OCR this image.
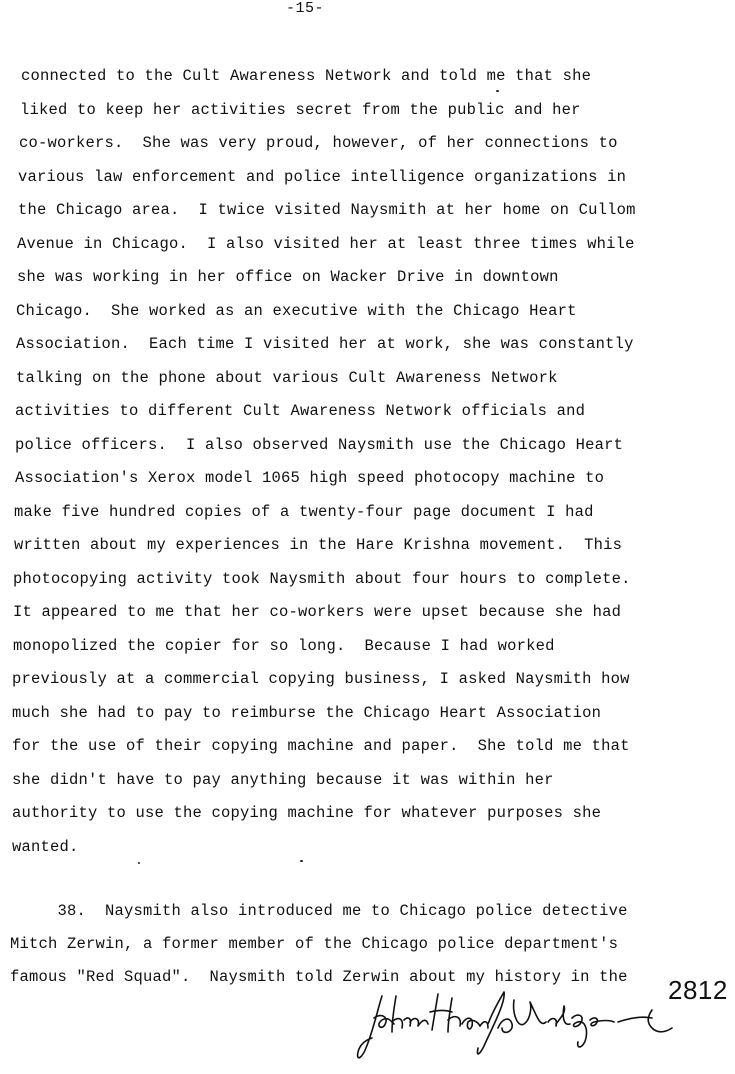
-15-
connected to the Cult Awareness Network and told me that she
liked to keep her activities secret from the public and her
co-workers.  She was very proud, however, of her connections to
various law enforcement and police intelligence organizations in
the Chicago area.  I twice visited Naysmith at her home on Cullom
Avenue in Chicago.  I also visited her at least three times while
she was working in her office on Wacker Drive in downtown
Chicago.  She worked as an executive with the Chicago Heart
Association.  Each time I visited her at work, she was constantly
talking on the phone about various Cult Awareness Network
activities to different Cult Awareness Network officials and
police officers.  I also observed Naysmith use the Chicago Heart
Association's Xerox model 1065 high speed photocopy machine to
make five hundred copies of a twenty-four page document I had
written about my experiences in the Hare Krishna movement.  This
photocopying activity took Naysmith about four hours to complete.
It appeared to me that her co-workers were upset because she had
monopolized the copier for so long.  Because I had worked
previously at a commercial copying business, I asked Naysmith how
much she had to pay to reimburse the Chicago Heart Association
for the use of their copying machine and paper.  She told me that
she didn't have to pay anything because it was within her
authority to use the copying machine for whatever purposes she
wanted.
38.  Naysmith also introduced me to Chicago police detective
Mitch Zerwin, a former member of the Chicago police department's
famous "Red Squad".  Naysmith told Zerwin about my history in the	2812
